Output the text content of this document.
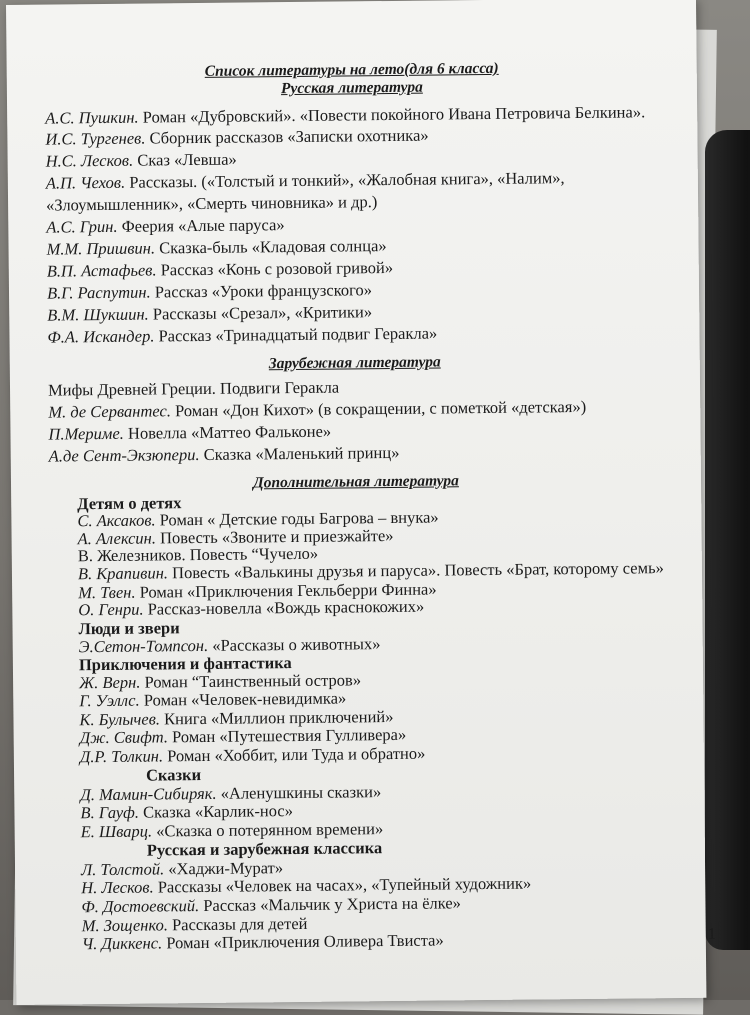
Список литературы на лето(для 6 класса)
Русская литература
А.С. Пушкин. Роман «Дубровский». «Повести покойного Ивана Петровича Белкина».
И.С. Тургенев. Сборник рассказов «Записки охотника»
Н.С. Лесков. Сказ «Левша»
А.П. Чехов. Рассказы. («Толстый и тонкий», «Жалобная книга», «Налим»,
«Злоумышленник», «Смерть чиновника» и др.)
А.С. Грин. Феерия «Алые паруса»
М.М. Пришвин. Сказка-быль «Кладовая солнца»
В.П. Астафьев. Рассказ «Конь с розовой гривой»
В.Г. Распутин. Рассказ «Уроки французского»
В.М. Шукшин. Рассказы «Срезал», «Критики»
Ф.А. Искандер. Рассказ «Тринадцатый подвиг Геракла»
Зарубежная литература
Мифы Древней Греции. Подвиги Геракла
М. де Сервантес. Роман «Дон Кихот» (в сокращении, с пометкой «детская»)
П.Мериме. Новелла «Маттео Фальконе»
А.де Сент-Экзюпери. Сказка «Маленький принц»
Дополнительная литература
Детям о детях
С. Аксаков. Роман « Детские годы Багрова – внука»
А. Алексин. Повесть «Звоните и приезжайте»
В. Железников. Повесть “Чучело»
В. Крапивин. Повесть «Валькины друзья и паруса». Повесть «Брат, которому семь»
М. Твен. Роман «Приключения Гекльберри Финна»
О. Генри. Рассказ-новелла «Вождь краснокожих»
Люди и звери
Э.Сетон-Томпсон. «Рассказы о животных»
Приключения и фантастика
Ж. Верн. Роман “Таинственный остров»
Г. Уэллс. Роман «Человек-невидимка»
К. Булычев. Книга «Миллион приключений»
Дж. Свифт. Роман «Путешествия Гулливера»
Д.Р. Толкин. Роман «Хоббит, или Туда и обратно»
Сказки
Д. Мамин-Сибиряк. «Аленушкины сказки»
В. Гауф. Сказка «Карлик-нос»
Е. Шварц. «Сказка о потерянном времени»
Русская и зарубежная классика
Л. Толстой. «Хаджи-Мурат»
Н. Лесков. Рассказы «Человек на часах», «Тупейный художник»
Ф. Достоевский. Рассказ «Мальчик у Христа на ёлке»
М. Зощенко. Рассказы для детей
Ч. Диккенс. Роман «Приключения Оливера Твиста»	1
